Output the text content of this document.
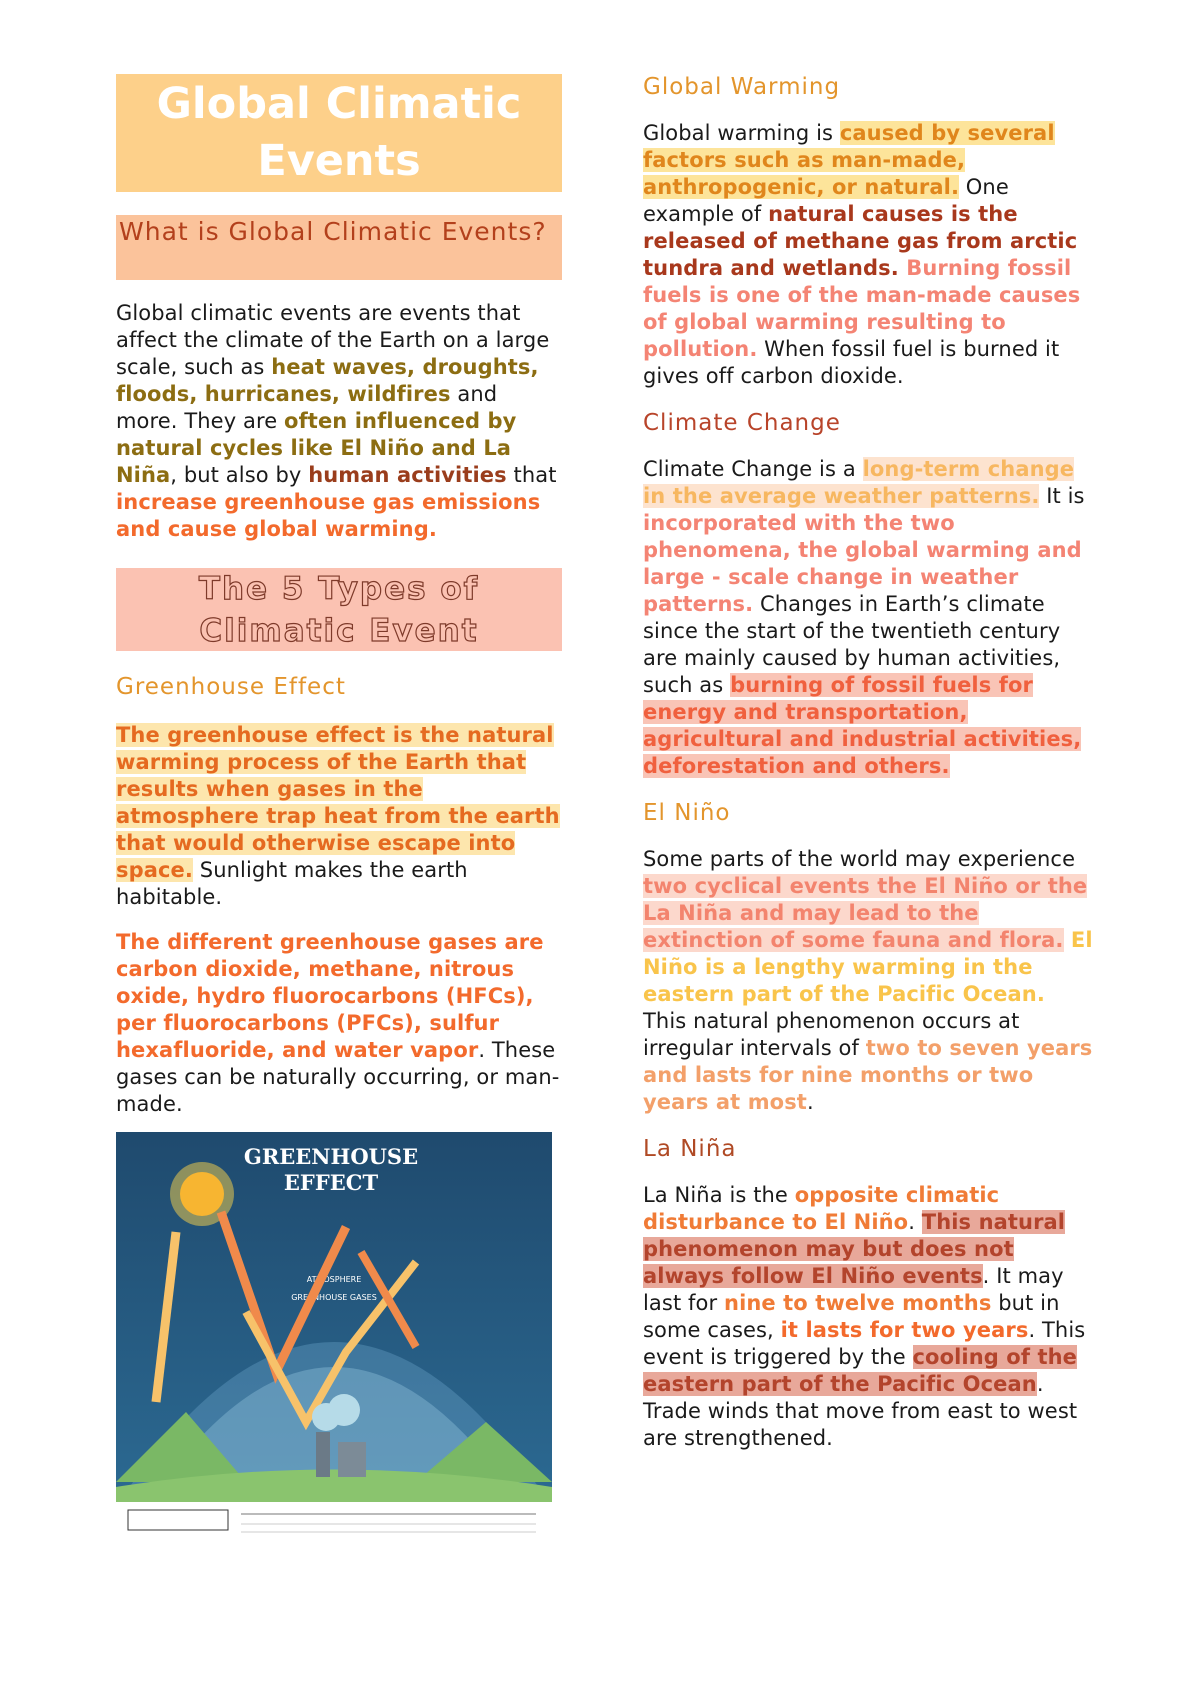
Global Climatic Events
What is Global Climatic Events?

Global climatic events are events that affect the climate of the Earth on a large scale, such as heat waves, droughts, floods, hurricanes, wildfires and more. They are often influenced by natural cycles like El Niño and La Niña, but also by human activities that increase greenhouse gas emissions and cause global warming.

The 5 Types of Climatic Event
Greenhouse Effect

The greenhouse effect is the natural warming process of the Earth that results when gases in the atmosphere trap heat from the earth that would otherwise escape into space. Sunlight makes the earth habitable.

The different greenhouse gases are carbon dioxide, methane, nitrous oxide, hydro fluorocarbons (HFCs), per fluorocarbons (PFCs), sulfur hexafluoride, and water vapor. These gases can be naturally occurring, or man-made.

ATMOSPHERE
GREENHOUSE GASES
GREENHOUSE
EFFECT
Global Warming

Global warming is caused by several factors such as man-made, anthropogenic, or natural. One example of natural causes is the released of methane gas from arctic tundra and wetlands. Burning fossil fuels is one of the man-made causes of global warming resulting to pollution. When fossil fuel is burned it gives off carbon dioxide.

Climate Change

Climate Change is a long-term change in the average weather patterns. It is incorporated with the two phenomena, the global warming and large - scale change in weather patterns. Changes in Earth’s climate since the start of the twentieth century are mainly caused by human activities, such as burning of fossil fuels for energy and transportation, agricultural and industrial activities, deforestation and others.

El Niño

Some parts of the world may experience two cyclical events the El Niño or the La Niña and may lead to the extinction of some fauna and flora. El Niño is a lengthy warming in the eastern part of the Pacific Ocean. This natural phenomenon occurs at irregular intervals of two to seven years and lasts for nine months or two years at most.

La Niña

La Niña is the opposite climatic disturbance to El Niño. This natural phenomenon may but does not always follow El Niño events. It may last for nine to twelve months but in some cases, it lasts for two years. This event is triggered by the cooling of the eastern part of the Pacific Ocean. Trade winds that move from east to west are strengthened.
